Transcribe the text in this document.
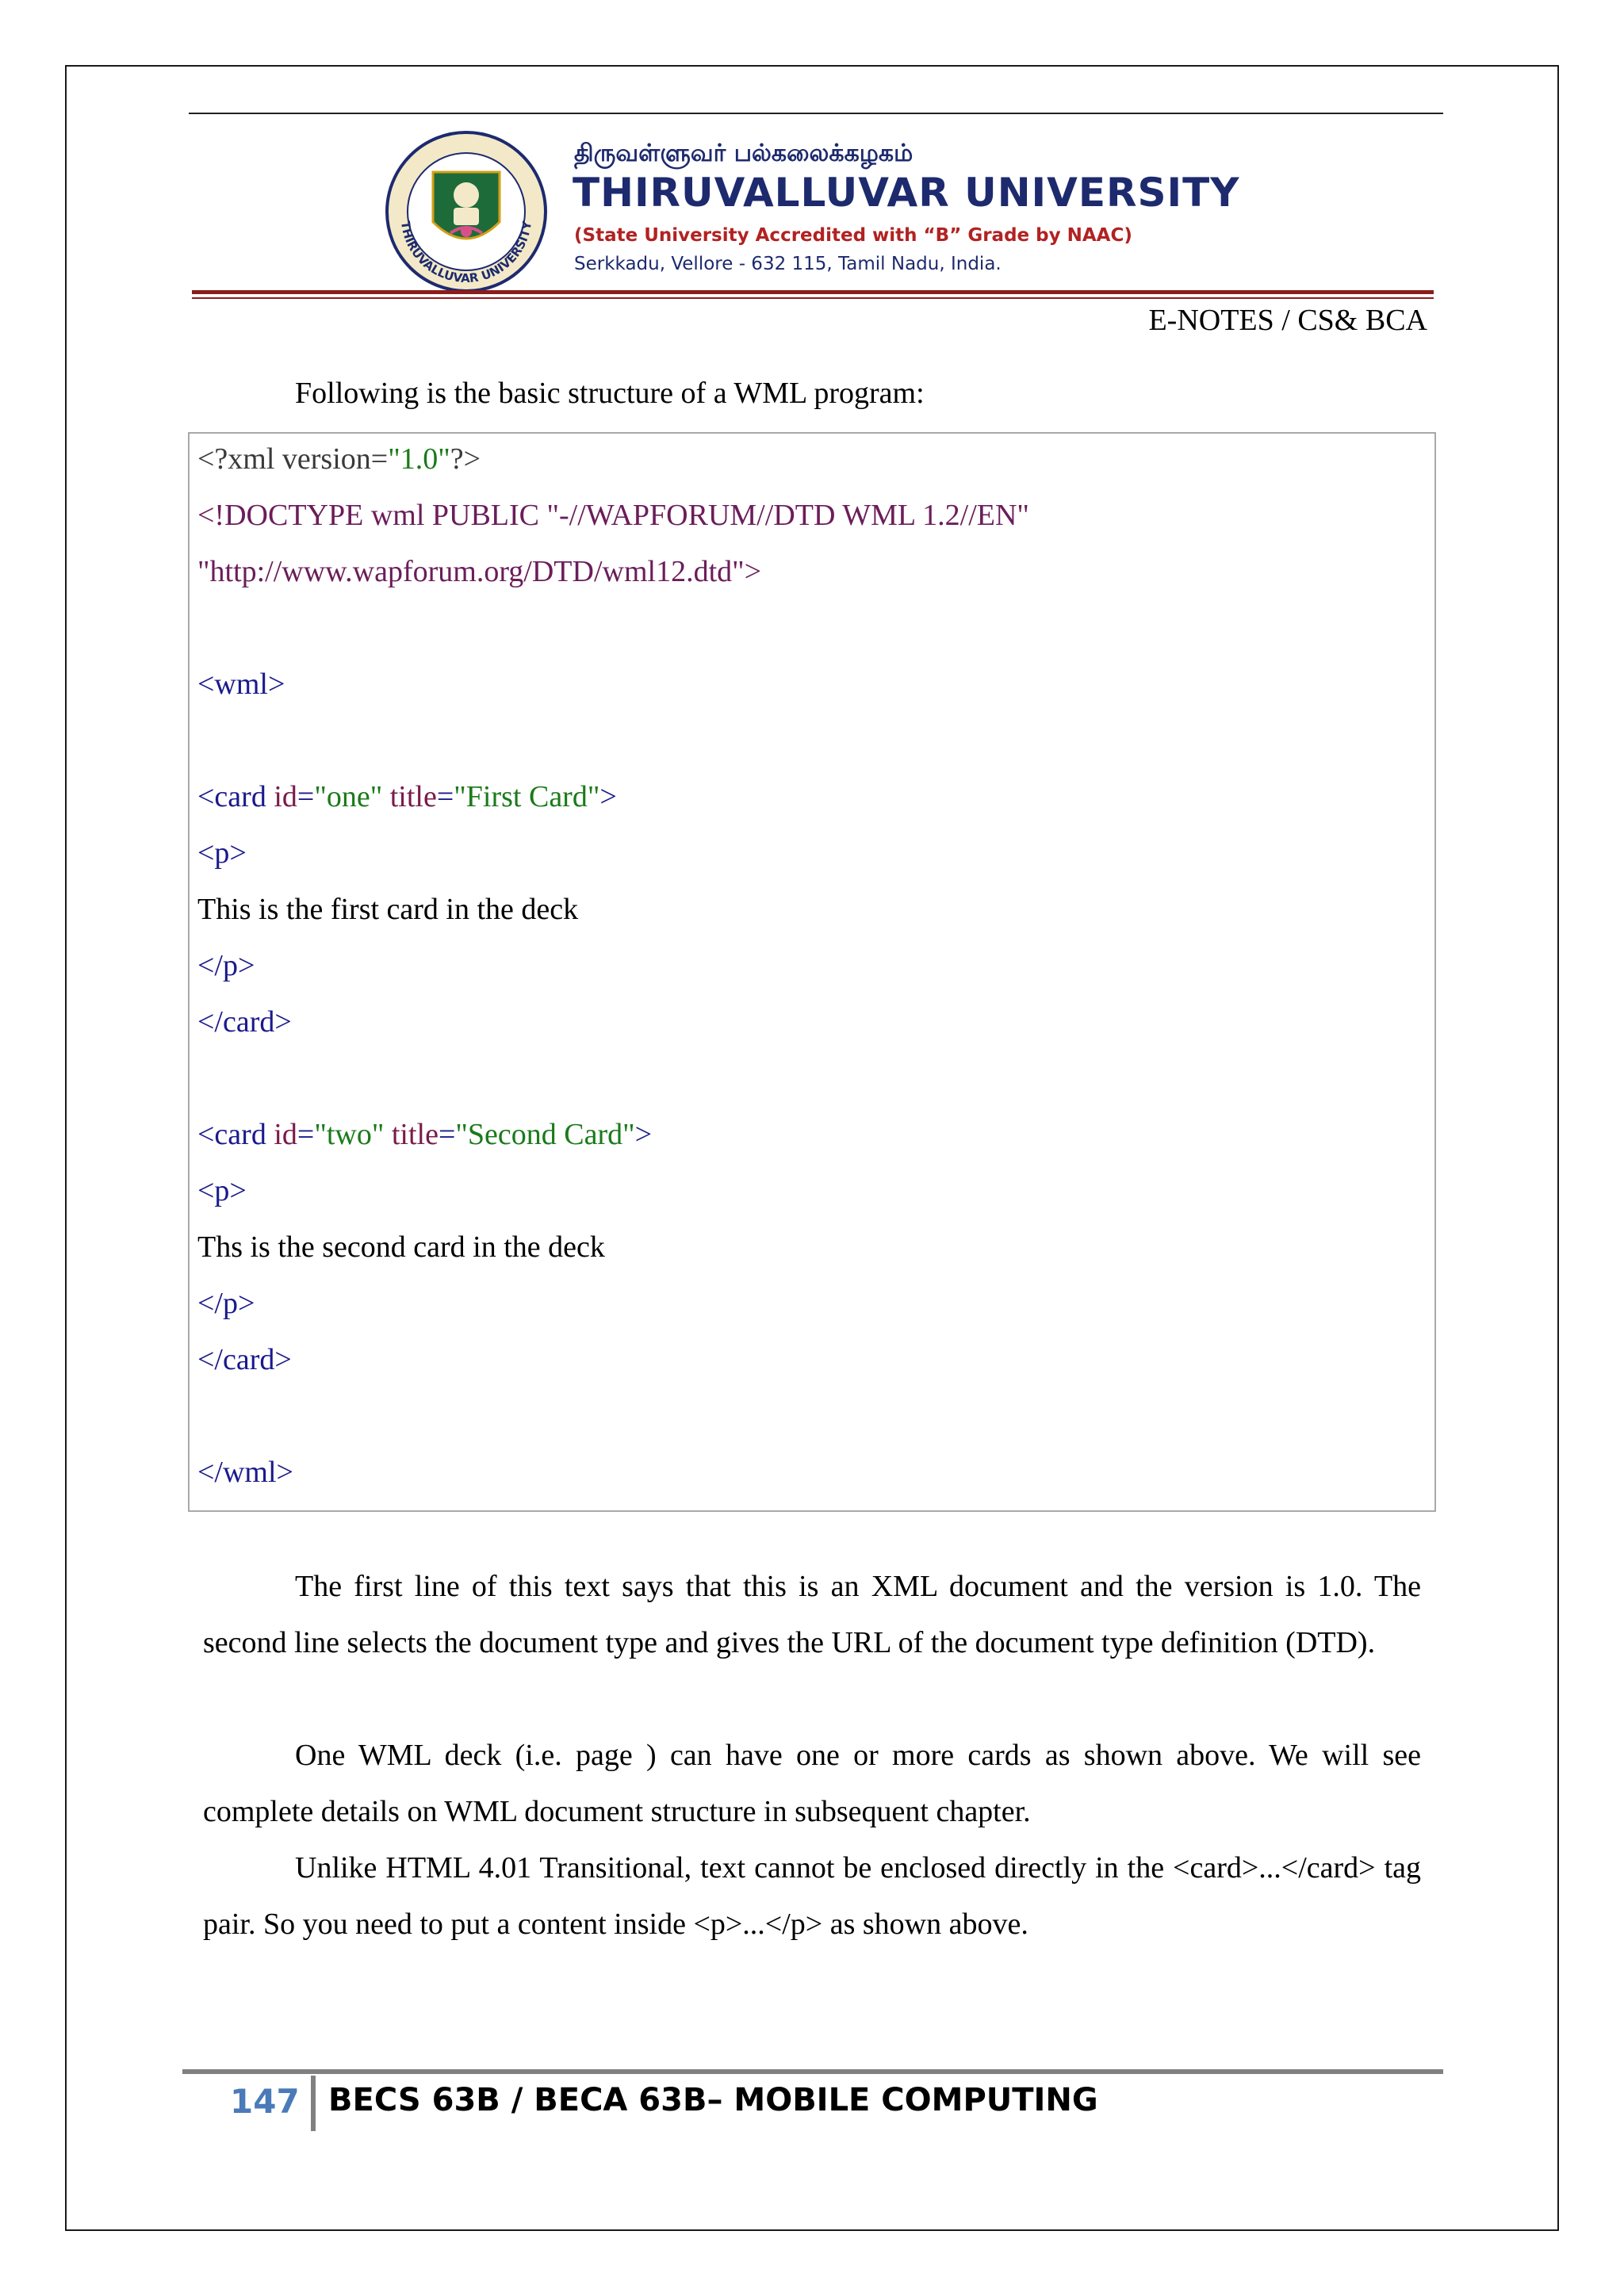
THIRUVALLUVAR UNIVERSITY
திருவள்ளுவர் பல்கலைக்கழகம்
THIRUVALLUVAR UNIVERSITY
(State University Accredited with “B” Grade by NAAC)
Serkkadu, Vellore - 632 115, Tamil Nadu, India.
E-NOTES / CS& BCA
Following is the basic structure of a WML program:
<?xml version="1.0"?>
<!DOCTYPE wml PUBLIC "-//WAPFORUM//DTD WML 1.2//EN"
"http://www.wapforum.org/DTD/wml12.dtd">
<wml>
<card id="one" title="First Card">
<p>
This is the first card in the deck
</p>
</card>
<card id="two" title="Second Card">
<p>
Ths is the second card in the deck
</p>
</card>
</wml>
The first line of this text says that this is an XML document and the version is 1.0. The second line selects the document type and gives the URL of the document type definition (DTD).
One WML deck (i.e. page ) can have one or more cards as shown above. We will see complete details on WML document structure in subsequent chapter.
Unlike HTML 4.01 Transitional, text cannot be enclosed directly in the <card>...</card> tag pair. So you need to put a content inside <p>...</p> as shown above.
147 BECS 63B / BECA 63B– MOBILE COMPUTING
